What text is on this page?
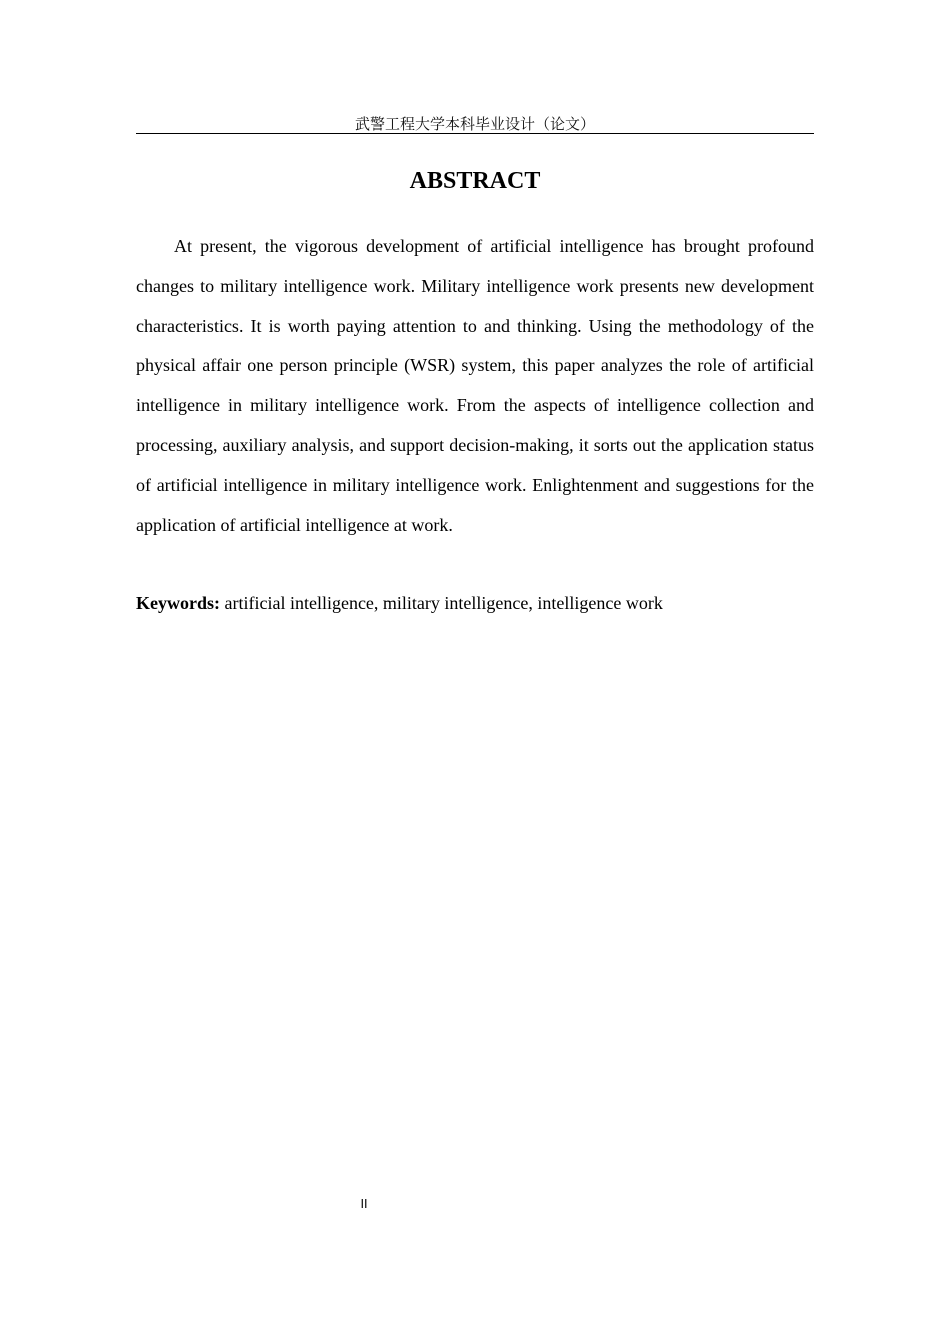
武警工程大学本科毕业设计（论文）
ABSTRACT

At present, the vigorous development of artificial intelligence has brought profound changes to military intelligence work. Military intelligence work presents new development characteristics. It is worth paying attention to and thinking. Using the methodology of the physical affair one person principle (WSR) system, this paper analyzes the role of artificial intelligence in military intelligence work. From the aspects of intelligence collection and processing, auxiliary analysis, and support decision-making, it sorts out the application status of artificial intelligence in military intelligence work. Enlightenment and suggestions for the application of artificial intelligence at work.

Keywords: artificial intelligence, military intelligence, intelligence work

II
